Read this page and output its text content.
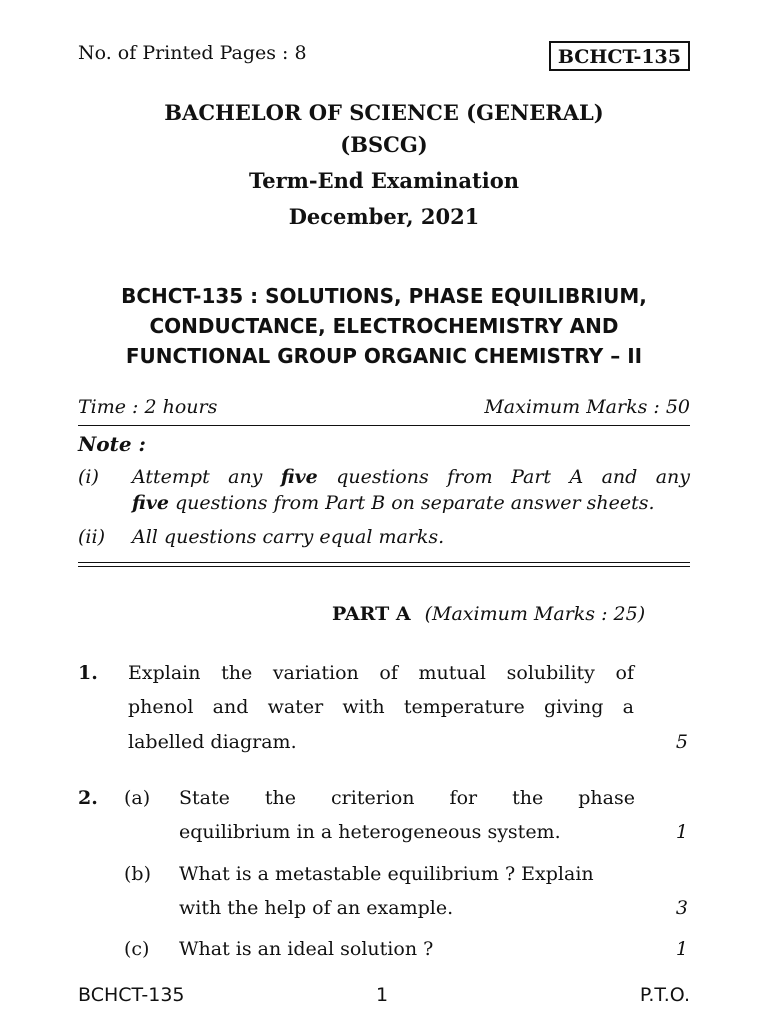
No. of Printed Pages : 8	BCHCT-135
BACHELOR OF SCIENCE (GENERAL)
(BSCG)
Term-End Examination
December, 2021
BCHCT-135 : SOLUTIONS, PHASE EQUILIBRIUM,
CONDUCTANCE, ELECTROCHEMISTRY AND
FUNCTIONAL GROUP ORGANIC CHEMISTRY – II
Time : 2 hours	Maximum Marks : 50
Note :
(i) Attempt any five questions from Part A and any
five questions from Part B on separate answer sheets.
(ii) All questions carry equal marks.
PART A (Maximum Marks : 25)
1. Explain the variation of mutual solubility of
phenol and water with temperature giving a
labelled diagram.	5
2. (a) State the criterion for the phase
equilibrium in a heterogeneous system.	1
(b) What is a metastable equilibrium ? Explain
with the help of an example.	3
(c) What is an ideal solution ?	1
BCHCT-135	1	P.T.O.
